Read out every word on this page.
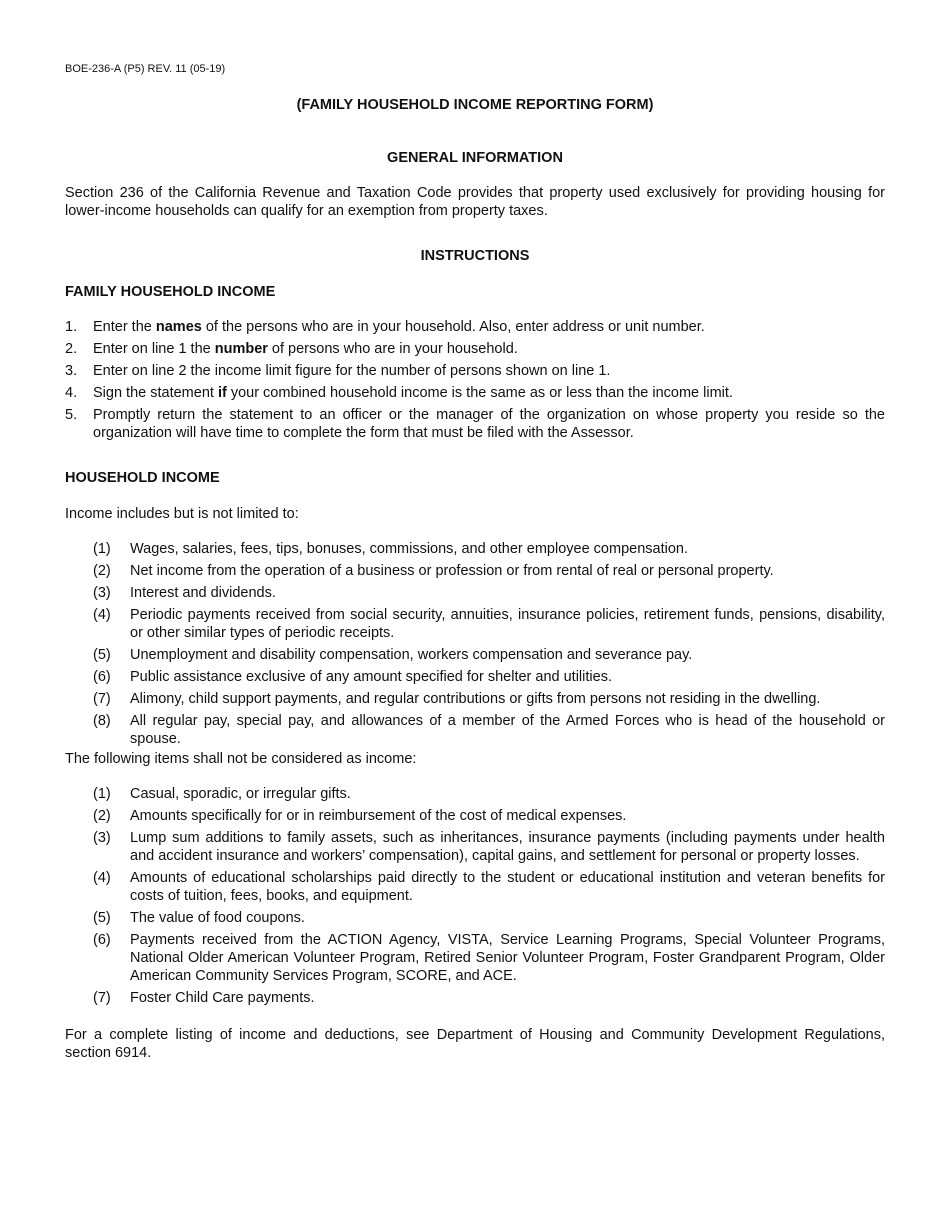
BOE-236-A (P5) REV. 11 (05-19)
(FAMILY HOUSEHOLD INCOME REPORTING FORM)
GENERAL INFORMATION
Section 236 of the California Revenue and Taxation Code provides that property used exclusively for providing housing for lower-income households can qualify for an exemption from property taxes.
INSTRUCTIONS
FAMILY HOUSEHOLD INCOME
1. Enter the names of the persons who are in your household. Also, enter address or unit number.
2. Enter on line 1 the number of persons who are in your household.
3. Enter on line 2 the income limit figure for the number of persons shown on line 1.
4. Sign the statement if your combined household income is the same as or less than the income limit.
5. Promptly return the statement to an officer or the manager of the organization on whose property you reside so the organization will have time to complete the form that must be filed with the Assessor.
HOUSEHOLD INCOME
Income includes but is not limited to:
(1) Wages, salaries, fees, tips, bonuses, commissions, and other employee compensation.
(2) Net income from the operation of a business or profession or from rental of real or personal property.
(3) Interest and dividends.
(4) Periodic payments received from social security, annuities, insurance policies, retirement funds, pensions, disability, or other similar types of periodic receipts.
(5) Unemployment and disability compensation, workers compensation and severance pay.
(6) Public assistance exclusive of any amount specified for shelter and utilities.
(7) Alimony, child support payments, and regular contributions or gifts from persons not residing in the dwelling.
(8) All regular pay, special pay, and allowances of a member of the Armed Forces who is head of the household or spouse.
The following items shall not be considered as income:
(1) Casual, sporadic, or irregular gifts.
(2) Amounts specifically for or in reimbursement of the cost of medical expenses.
(3) Lump sum additions to family assets, such as inheritances, insurance payments (including payments under health and accident insurance and workers’ compensation), capital gains, and settlement for personal or property losses.
(4) Amounts of educational scholarships paid directly to the student or educational institution and veteran benefits for costs of tuition, fees, books, and equipment.
(5) The value of food coupons.
(6) Payments received from the ACTION Agency, VISTA, Service Learning Programs, Special Volunteer Programs, National Older American Volunteer Program, Retired Senior Volunteer Program, Foster Grandparent Program, Older American Community Services Program, SCORE, and ACE.
(7) Foster Child Care payments.
For a complete listing of income and deductions, see Department of Housing and Community Development Regulations, section 6914.
